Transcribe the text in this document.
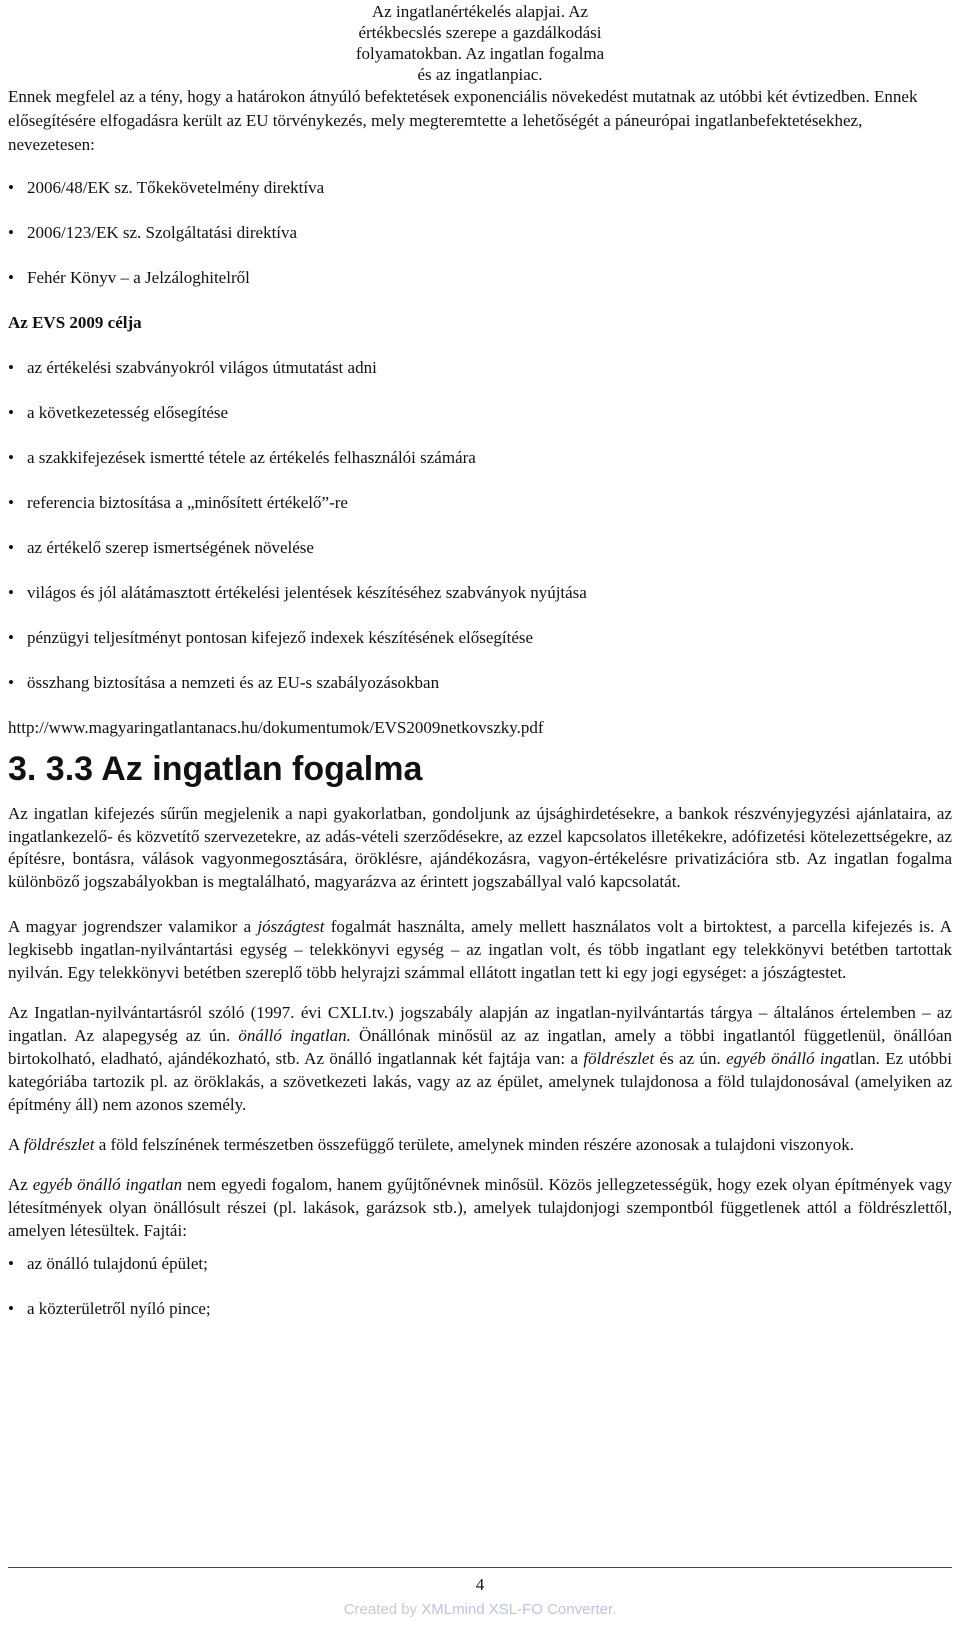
Az ingatlanértékelés alapjai. Az
értékbecslés szerepe a gazdálkodási
folyamatokban. Az ingatlan fogalma
és az ingatlanpiac.

Ennek megfelel az a tény, hogy a határokon átnyúló befektetések exponenciális növekedést mutatnak az utóbbi két évtizedben. Ennek elősegítésére elfogadásra került az EU törvénykezés, mely megteremtette a lehetőségét a páneurópai ingatlanbefektetésekhez, nevezetesen:

• 2006/48/EK sz. Tőkekövetelmény direktíva
• 2006/123/EK sz. Szolgáltatási direktíva
• Fehér Könyv – a Jelzáloghitelről

Az EVS 2009 célja

• az értékelési szabványokról világos útmutatást adni
• a következetesség elősegítése
• a szakkifejezések ismertté tétele az értékelés felhasználói számára
• referencia biztosítása a „minősített értékelő”-re
• az értékelő szerep ismertségének növelése
• világos és jól alátámasztott értékelési jelentések készítéséhez szabványok nyújtása
• pénzügyi teljesítményt pontosan kifejező indexek készítésének elősegítése
• összhang biztosítása a nemzeti és az EU-s szabályozásokban

http://www.magyaringatlantanacs.hu/dokumentumok/EVS2009netkovszky.pdf

3. 3.3 Az ingatlan fogalma

Az ingatlan kifejezés sűrűn megjelenik a napi gyakorlatban, gondoljunk az újsághirdetésekre, a bankok részvényjegyzési ajánlataira, az ingatlankezelő- és közvetítő szervezetekre, az adás-vételi szerződésekre, az ezzel kapcsolatos illetékekre, adófizetési kötelezettségekre, az építésre, bontásra, válások vagyonmegosztására, öröklésre, ajándékozásra, vagyon-értékelésre privatizációra stb. Az ingatlan fogalma különböző jogszabályokban is megtalálható, magyarázva az érintett jogszabállyal való kapcsolatát.

A magyar jogrendszer valamikor a jószágtest fogalmát használta, amely mellett használatos volt a birtoktest, a parcella kifejezés is. A legkisebb ingatlan-nyilvántartási egység – telekkönyvi egység – az ingatlan volt, és több ingatlant egy telekkönyvi betétben tartottak nyilván. Egy telekkönyvi betétben szereplő több helyrajzi számmal ellátott ingatlan tett ki egy jogi egységet: a jószágtestet.

Az Ingatlan-nyilvántartásról szóló (1997. évi CXLI.tv.) jogszabály alapján az ingatlan-nyilvántartás tárgya – általános értelemben – az ingatlan. Az alapegység az ún. önálló ingatlan. Önállónak minősül az az ingatlan, amely a többi ingatlantól függetlenül, önállóan birtokolható, eladható, ajándékozható, stb. Az önálló ingatlannak két fajtája van: a földrészlet és az ún. egyéb önálló ingatlan. Ez utóbbi kategóriába tartozik pl. az öröklakás, a szövetkezeti lakás, vagy az az épület, amelynek tulajdonosa a föld tulajdonosával (amelyiken az építmény áll) nem azonos személy.

A földrészlet a föld felszínének természetben összefüggő területe, amelynek minden részére azonosak a tulajdoni viszonyok.

Az egyéb önálló ingatlan nem egyedi fogalom, hanem gyűjtőnévnek minősül. Közös jellegzetességük, hogy ezek olyan építmények vagy létesítmények olyan önállósult részei (pl. lakások, garázsok stb.), amelyek tulajdonjogi szempontból függetlenek attól a földrészlettől, amelyen létesültek. Fajtái:

• az önálló tulajdonú épület;
• a közterületről nyíló pince;
4
Created by XMLmind XSL-FO Converter.
